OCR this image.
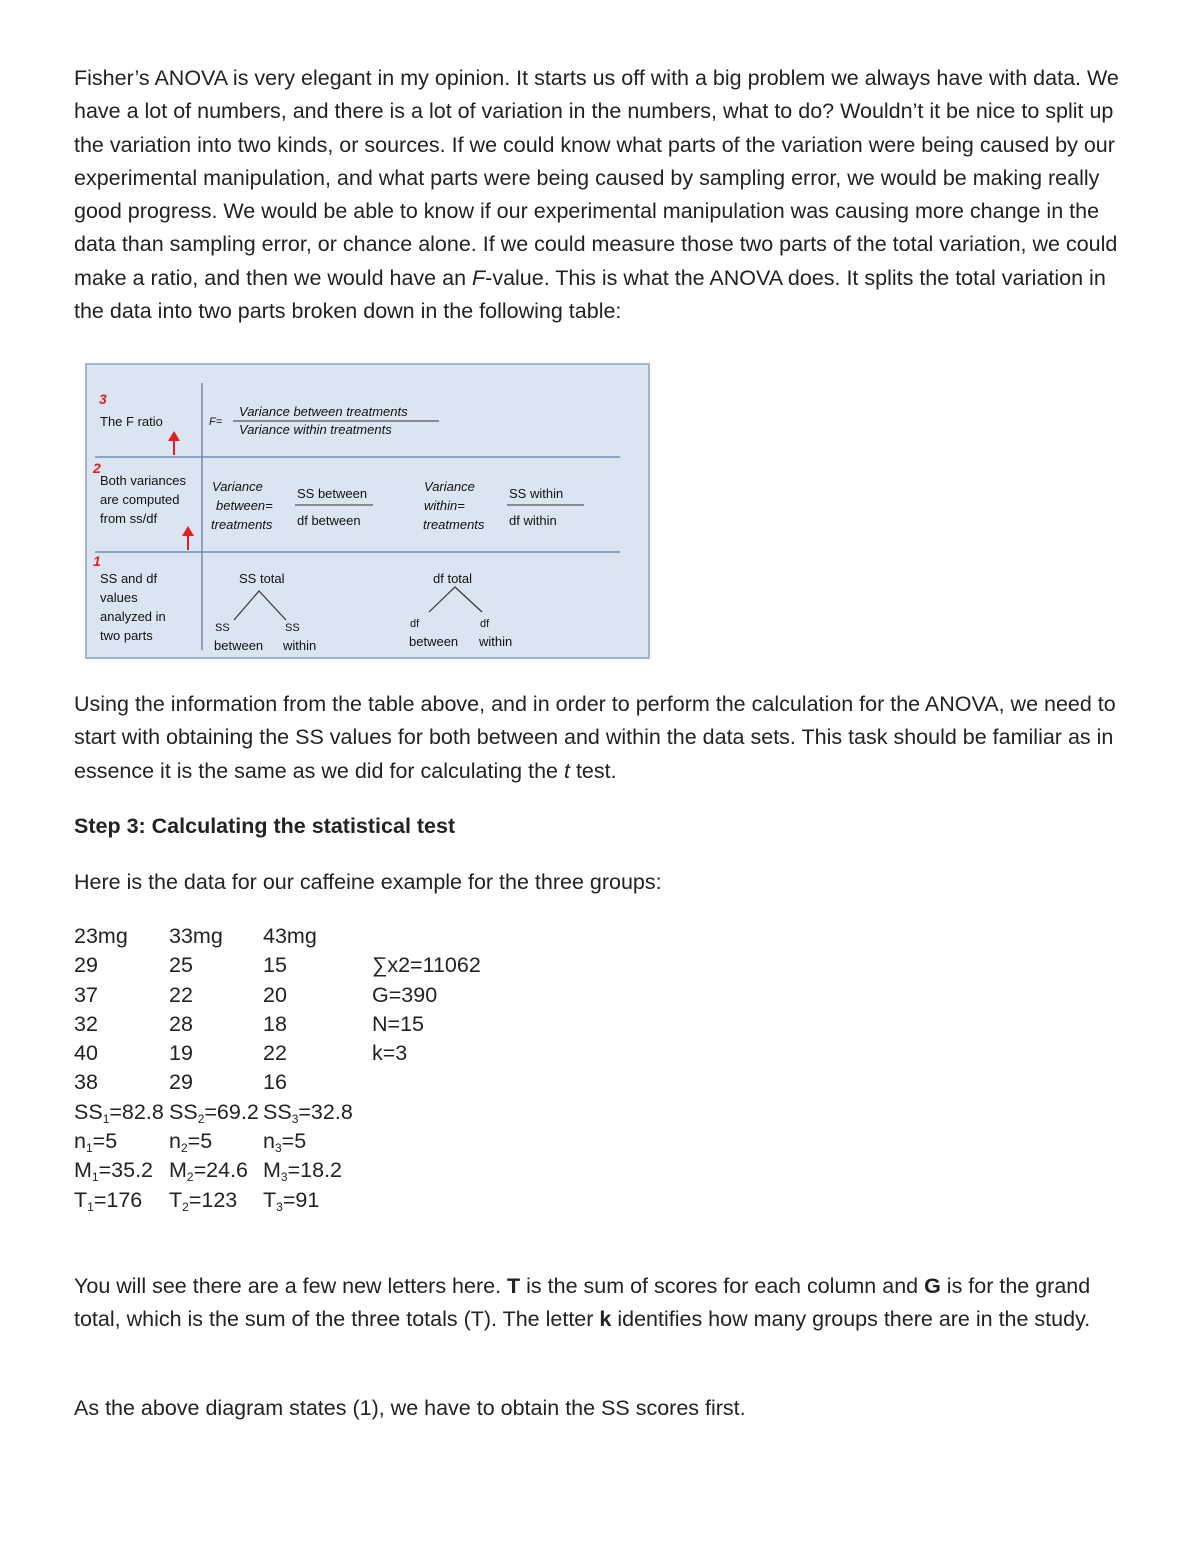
Fisher’s ANOVA is very elegant in my opinion. It starts us off with a big problem we always have with data. We have a lot of numbers, and there is a lot of variation in the numbers, what to do? Wouldn’t it be nice to split up the variation into two kinds, or sources. If we could know what parts of the variation were being caused by our experimental manipulation, and what parts were being caused by sampling error, we would be making really good progress. We would be able to know if our experimental manipulation was causing more change in the data than sampling error, or chance alone. If we could measure those two parts of the total variation, we could make a ratio, and then we would have an F-value. This is what the ANOVA does. It splits the total variation in the data into two parts broken down in the following table:

3
The F ratio	F=
Variance between treatments
Variance within treatments
2
Both variances
are computed
from ss/df
Variance
between=
treatments
SS between
df between
Variance
within=
treatments
SS within
df within
1
SS and df
values
analyzed in
two parts
SS total
SS	SS
between within
df total
df	df
between within

Using the information from the table above, and in order to perform the calculation for the ANOVA, we need to start with obtaining the SS values for both between and within the data sets. This task should be familiar as in essence it is the same as we did for calculating the t test.

Step 3: Calculating the statistical test

Here is the data for our caffeine example for the three groups:

23mg 33mg 43mg
29	25	15	∑x2=11062
37	22	20	G=390
32	28	18	N=15
40	19	22	k=3
38	29	16
$SS_1=82.8$ $SS_2=69.2$ $SS_3=32.8$
$n_1=5$ $n_2=5$ $n_3=5$
$M_1=35.2$ $M_2=24.6$ $M_3=18.2$
$T_1=176$ $T_2=123$ $T_3=91$

You will see there are a few new letters here. T is the sum of scores for each column and G is for the grand total, which is the sum of the three totals (T). The letter k identifies how many groups there are in the study.

As the above diagram states (1), we have to obtain the SS scores first.
